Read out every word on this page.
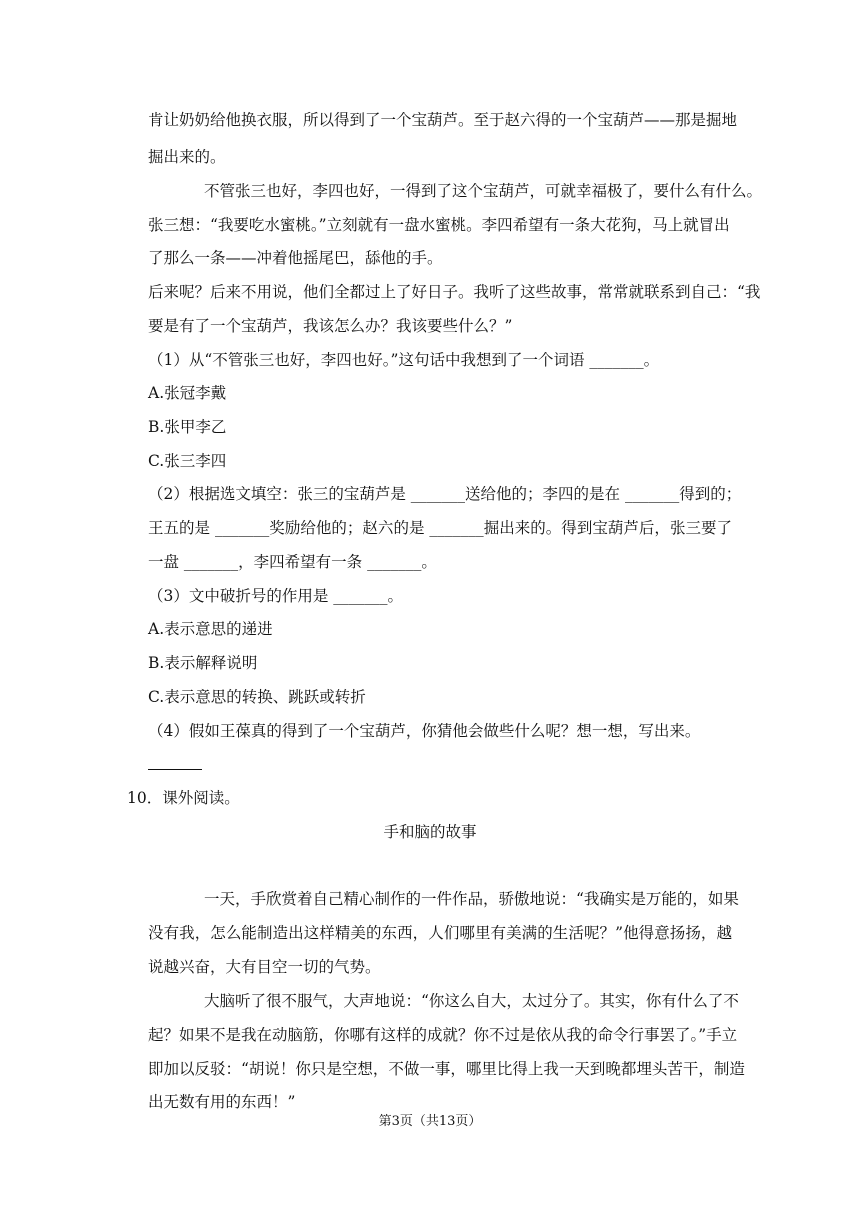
肯让奶奶给他换衣服，所以得到了一个宝葫芦。至于赵六得的一个宝葫芦——那是掘地
掘出来的。
不管张三也好，李四也好，一得到了这个宝葫芦，可就幸福极了，要什么有什么。
张三想：“我要吃水蜜桃。”立刻就有一盘水蜜桃。李四希望有一条大花狗，马上就冒出
了那么一条——冲着他摇尾巴，舔他的手。
后来呢？后来不用说，他们全都过上了好日子。我听了这些故事，常常就联系到自己：“我
要是有了一个宝葫芦，我该怎么办？我该要些什么？”
（1）从“不管张三也好，李四也好。”这句话中我想到了一个词语 _______。
A.张冠李戴
B.张甲李乙
C.张三李四
（2）根据选文填空：张三的宝葫芦是 _______送给他的；李四的是在 _______得到的；
王五的是 _______奖励给他的；赵六的是 _______掘出来的。得到宝葫芦后，张三要了
一盘 _______，李四希望有一条 _______。
（3）文中破折号的作用是 _______。
A.表示意思的递进
B.表示解释说明
C.表示意思的转换、跳跃或转折
（4）假如王葆真的得到了一个宝葫芦，你猜他会做些什么呢？想一想，写出来。
10．课外阅读。
手和脑的故事
一天，手欣赏着自己精心制作的一件作品，骄傲地说：“我确实是万能的，如果
没有我，怎么能制造出这样精美的东西，人们哪里有美满的生活呢？”他得意扬扬，越
说越兴奋，大有目空一切的气势。
大脑听了很不服气，大声地说：“你这么自大，太过分了。其实，你有什么了不
起？如果不是我在动脑筋，你哪有这样的成就？你不过是依从我的命令行事罢了。”手立
即加以反驳：“胡说！你只是空想，不做一事，哪里比得上我一天到晚都埋头苦干，制造
出无数有用的东西！”
第3页（共13页）
